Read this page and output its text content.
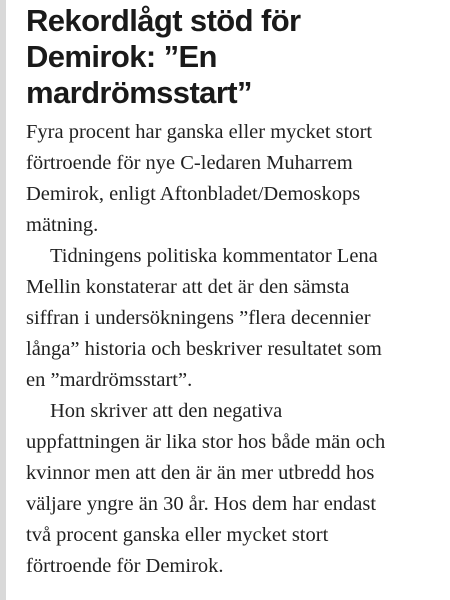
Rekordlågt stöd för
Demirok: ”En
mardrömsstart”

Fyra procent har ganska eller mycket stort
förtroende för nye C-ledaren Muharrem
Demirok, enligt Aftonbladet/Demoskops
mätning.

Tidningens politiska kommentator Lena
Mellin konstaterar att det är den sämsta
siffran i undersökningens ”flera decennier
långa” historia och beskriver resultatet som
en ”mardrömsstart”.

Hon skriver att den negativa
uppfattningen är lika stor hos både män och
kvinnor men att den är än mer utbredd hos
väljare yngre än 30 år. Hos dem har endast
två procent ganska eller mycket stort
förtroende för Demirok.
